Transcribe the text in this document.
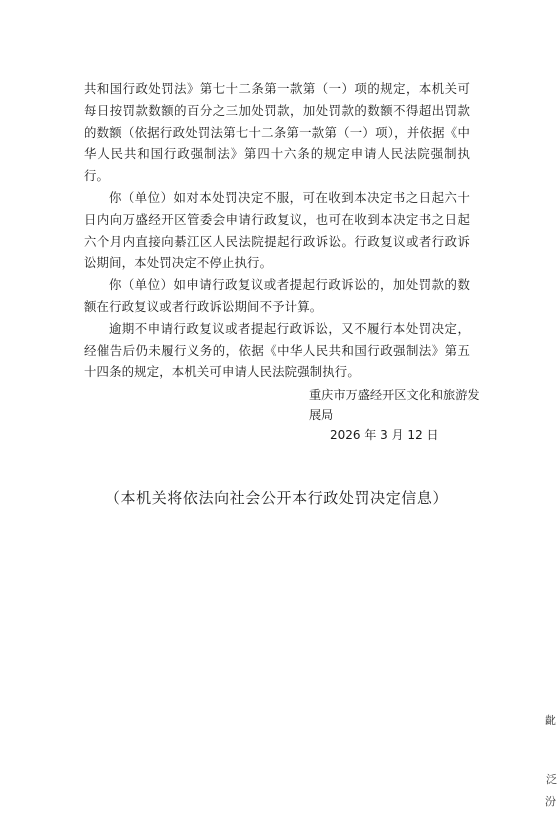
共和国行政处罚法》第七十二条第一款第（一）项的规定，本机关可每日按罚款数额的百分之三加处罚款，加处罚款的数额不得超出罚款的数额（依据行政处罚法第七十二条第一款第（一）项），并依据《中华人民共和国行政强制法》第四十六条的规定申请人民法院强制执行。

你（单位）如对本处罚决定不服，可在收到本决定书之日起六十日内向万盛经开区管委会申请行政复议，也可在收到本决定书之日起六个月内直接向綦江区人民法院提起行政诉讼。行政复议或者行政诉讼期间，本处罚决定不停止执行。

你（单位）如申请行政复议或者提起行政诉讼的，加处罚款的数额在行政复议或者行政诉讼期间不予计算。

逾期不申请行政复议或者提起行政诉讼，又不履行本处罚决定，经催告后仍未履行义务的，依据《中华人民共和国行政强制法》第五十四条的规定，本机关可申请人民法院强制执行。

重庆市万盛经开区文化和旅游发展局
2026 年 3 月 12 日
（本机关将依法向社会公开本行政处罚决定信息）
齔
泛
汾
